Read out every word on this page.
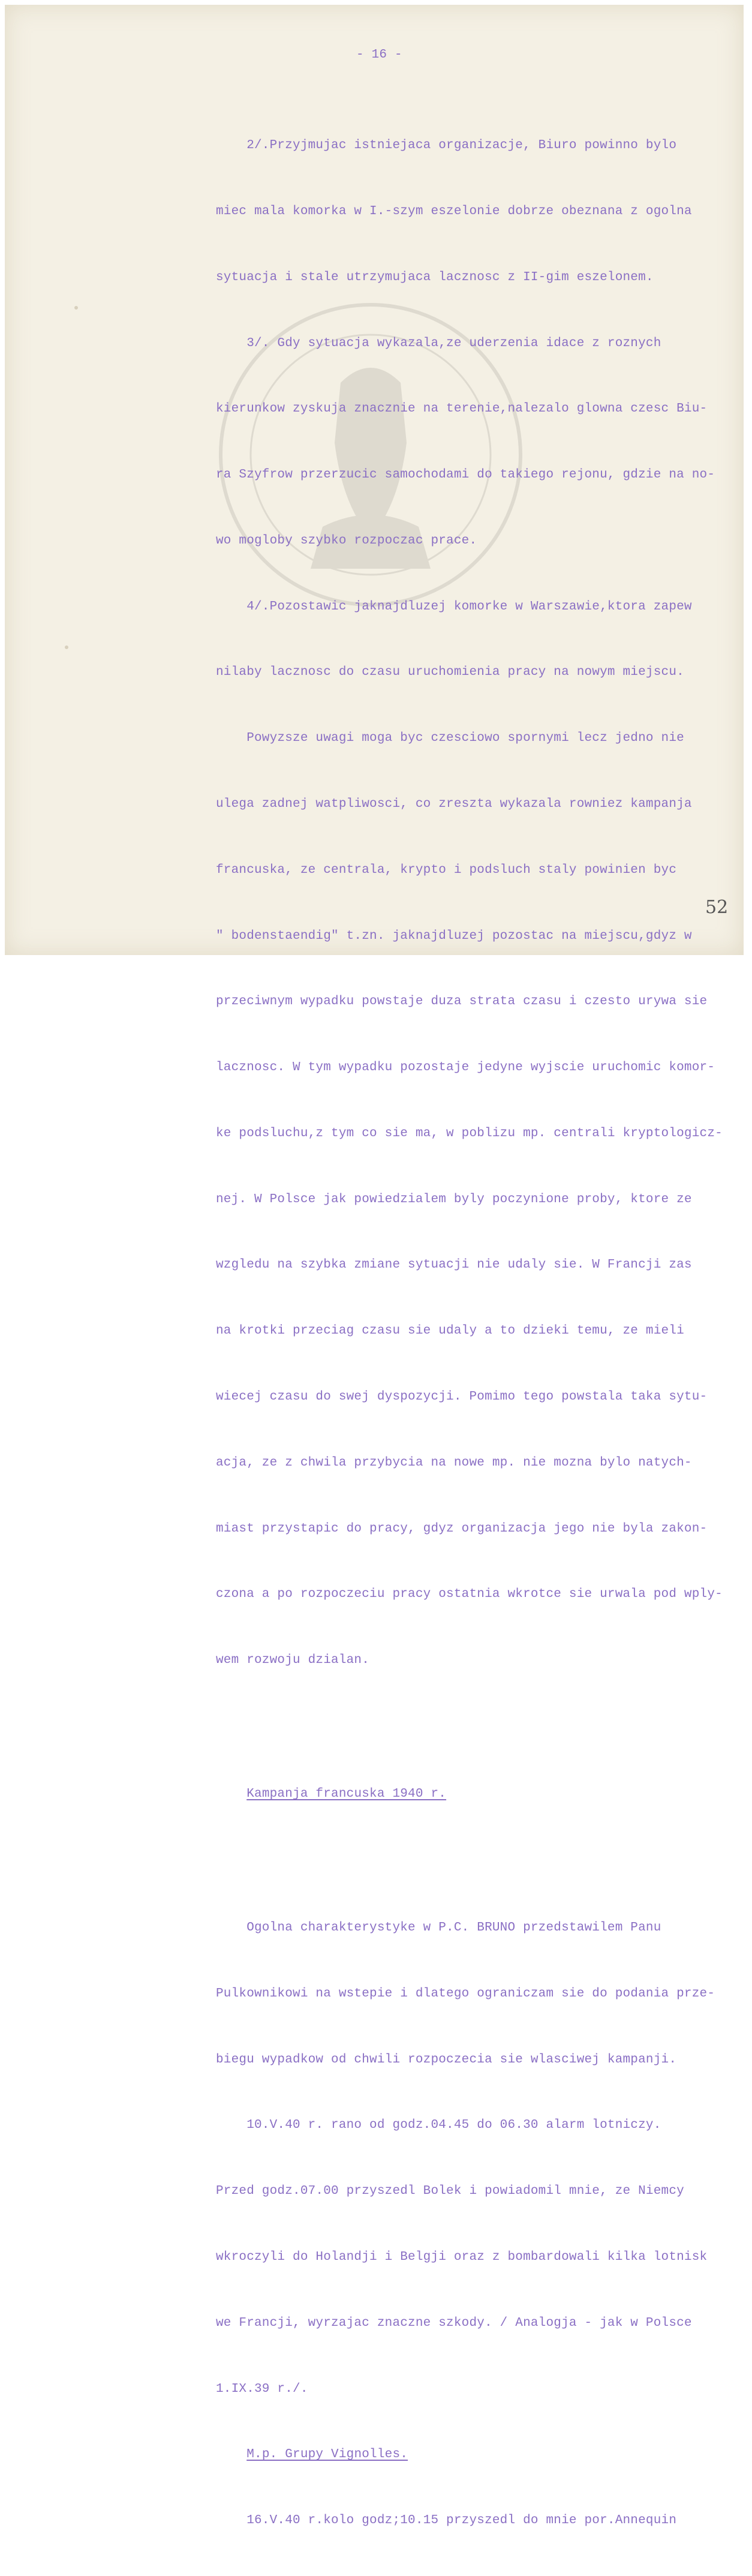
- 16 -

2/.Przyjmujac istniejaca organizacje, Biuro powinno bylo

miec mala komorka w I.-szym eszelonie dobrze obeznana z ogolna

sytuacja i stale utrzymujaca lacznosc z II-gim eszelonem.

3/. Gdy sytuacja wykazala,ze uderzenia idace z roznych

kierunkow zyskuja znacznie na terenie,nalezalo glowna czesc Biu-

ra Szyfrow przerzucic samochodami do takiego rejonu, gdzie na no-

wo mogloby szybko rozpoczac prace.

4/.Pozostawic jaknajdluzej komorke w Warszawie,ktora zapew

nilaby lacznosc do czasu uruchomienia pracy na nowym miejscu.

Powyzsze uwagi moga byc czesciowo spornymi lecz jedno nie

ulega zadnej watpliwosci, co zreszta wykazala rowniez kampanja

francuska, ze centrala, krypto i podsluch staly powinien byc

" bodenstaendig" t.zn. jaknajdluzej pozostac na miejscu,gdyz w

przeciwnym wypadku powstaje duza strata czasu i czesto urywa sie

lacznosc. W tym wypadku pozostaje jedyne wyjscie uruchomic komor-

ke podsluchu,z tym co sie ma, w poblizu mp. centrali kryptologicz-

nej. W Polsce jak powiedzialem byly poczynione proby, ktore ze

wzgledu na szybka zmiane sytuacji nie udaly sie. W Francji zas

na krotki przeciag czasu sie udaly a to dzieki temu, ze mieli

wiecej czasu do swej dyspozycji. Pomimo tego powstala taka sytu-

acja, ze z chwila przybycia na nowe mp. nie mozna bylo natych-

miast przystapic do pracy, gdyz organizacja jego nie byla zakon-

czona a po rozpoczeciu pracy ostatnia wkrotce sie urwala pod wply-

wem rozwoju dzialan.

Kampanja francuska 1940 r.

Ogolna charakterystyke w P.C. BRUNO przedstawilem Panu

Pulkownikowi na wstepie i dlatego ograniczam sie do podania prze-

biegu wypadkow od chwili rozpoczecia sie wlasciwej kampanji.

10.V.40 r. rano od godz.04.45 do 06.30 alarm lotniczy.

Przed godz.07.00 przyszedl Bolek i powiadomil mnie, ze Niemcy

wkroczyli do Holandji i Belgji oraz z bombardowali kilka lotnisk

we Francji, wyrzajac znaczne szkody. / Analogja - jak w Polsce

1.IX.39 r./.

M.p. Grupy Vignolles.

16.V.40 r.kolo godz;10.15 przyszedl do mnie por.Annequin

52
